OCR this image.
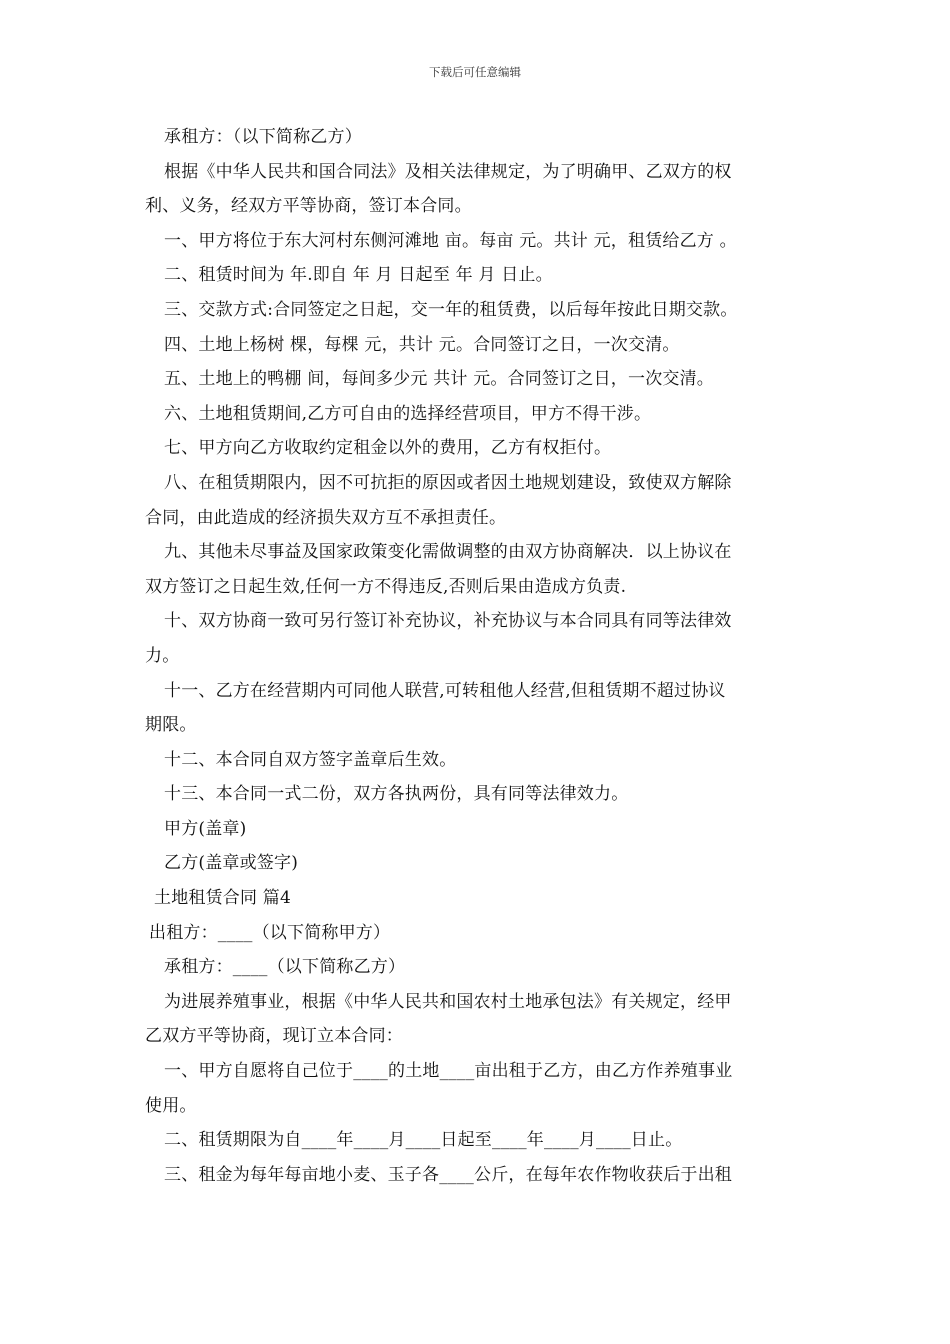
下载后可任意编辑
承租方：（以下简称乙方）
根据《中华人民共和国合同法》及相关法律规定，为了明确甲、乙双方的权
利、义务，经双方平等协商，签订本合同。
一、甲方将位于东大河村东侧河滩地 亩。每亩 元。共计 元，租赁给乙方 。
二、租赁时间为 年.即自 年 月 日起至 年 月 日止。
三、交款方式:合同签定之日起，交一年的租赁费，以后每年按此日期交款。
四、土地上杨树 棵，每棵 元，共计 元。合同签订之日，一次交清。
五、土地上的鸭棚 间，每间多少元 共计 元。合同签订之日，一次交清。
六、土地租赁期间,乙方可自由的选择经营项目，甲方不得干涉。
七、甲方向乙方收取约定租金以外的费用，乙方有权拒付。
八、在租赁期限内，因不可抗拒的原因或者因土地规划建设，致使双方解除
合同，由此造成的经济损失双方互不承担责任。
九、其他未尽事益及国家政策变化需做调整的由双方协商解决．以上协议在
双方签订之日起生效,任何一方不得违反,否则后果由造成方负责.
十、双方协商一致可另行签订补充协议，补充协议与本合同具有同等法律效
力。
十一、乙方在经营期内可同他人联营,可转租他人经营,但租赁期不超过协议
期限。
十二、本合同自双方签字盖章后生效。
十三、本合同一式二份，双方各执两份，具有同等法律效力。
甲方(盖章)
乙方(盖章或签字)
土地租赁合同 篇4
出租方：____（以下简称甲方）
承租方：____（以下简称乙方）
为进展养殖事业，根据《中华人民共和国农村土地承包法》有关规定，经甲
乙双方平等协商，现订立本合同：
一、甲方自愿将自己位于____的土地____亩出租于乙方，由乙方作养殖事业
使用。
二、租赁期限为自____年____月____日起至____年____月____日止。
三、租金为每年每亩地小麦、玉子各____公斤，在每年农作物收获后于出租
